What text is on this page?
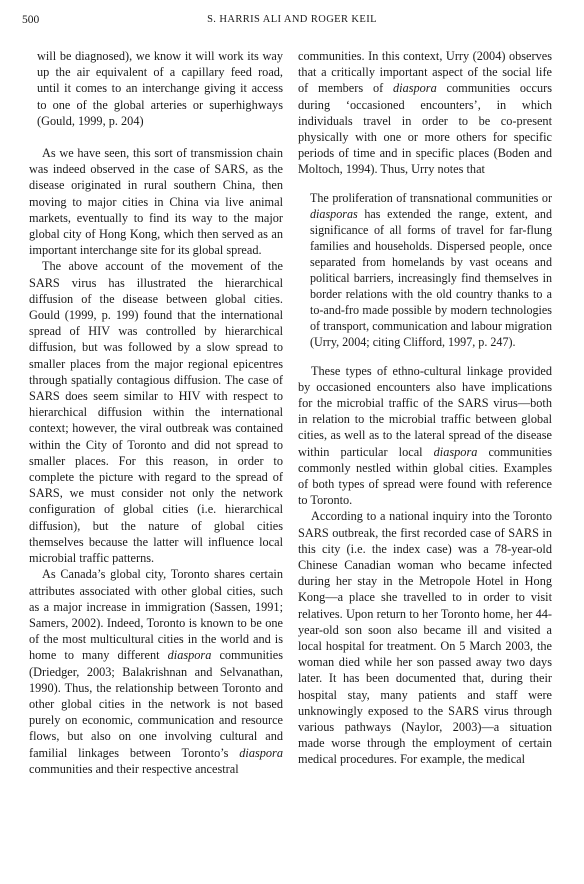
500	S. HARRIS ALI AND ROGER KEIL

will be diagnosed), we know it will work its way up the air equivalent of a capillary feed road, until it comes to an interchange giving it access to one of the global arteries or superhighways (Gould, 1999, p. 204)

As we have seen, this sort of transmission chain was indeed observed in the case of SARS, as the disease originated in rural southern China, then moving to major cities in China via live animal markets, eventually to find its way to the major global city of Hong Kong, which then served as an important interchange site for its global spread.

The above account of the movement of the SARS virus has illustrated the hierarchical diffusion of the disease between global cities. Gould (1999, p. 199) found that the international spread of HIV was controlled by hierarchical diffusion, but was followed by a slow spread to smaller places from the major regional epicentres through spatially contagious diffusion. The case of SARS does seem similar to HIV with respect to hierarchical diffusion within the international context; however, the viral outbreak was contained within the City of Toronto and did not spread to smaller places. For this reason, in order to complete the picture with regard to the spread of SARS, we must consider not only the network configuration of global cities (i.e. hierarchical diffusion), but the nature of global cities themselves because the latter will influence local microbial traffic patterns.

As Canada’s global city, Toronto shares certain attributes associated with other global cities, such as a major increase in immigration (Sassen, 1991; Samers, 2002). Indeed, Toronto is known to be one of the most multicultural cities in the world and is home to many different diaspora communities (Driedger, 2003; Balakrishnan and Selvanathan, 1990). Thus, the relationship between Toronto and other global cities in the network is not based purely on economic, communication and resource flows, but also on one involving cultural and familial linkages between Toronto’s diaspora communities and their respective ancestral

communities. In this context, Urry (2004) observes that a critically important aspect of the social life of members of diaspora communities occurs during ‘occasioned encounters’, in which individuals travel in order to be co-present physically with one or more others for specific periods of time and in specific places (Boden and Moltoch, 1994). Thus, Urry notes that

The proliferation of transnational communities or diasporas has extended the range, extent, and significance of all forms of travel for far-flung families and households. Dispersed people, once separated from homelands by vast oceans and political barriers, increasingly find themselves in border relations with the old country thanks to a to-and-fro made possible by modern technologies of transport, communication and labour migration (Urry, 2004; citing Clifford, 1997, p. 247).

These types of ethno-cultural linkage provided by occasioned encounters also have implications for the microbial traffic of the SARS virus—both in relation to the microbial traffic between global cities, as well as to the lateral spread of the disease within particular local diaspora communities commonly nestled within global cities. Examples of both types of spread were found with reference to Toronto.

According to a national inquiry into the Toronto SARS outbreak, the first recorded case of SARS in this city (i.e. the index case) was a 78-year-old Chinese Canadian woman who became infected during her stay in the Metropole Hotel in Hong Kong—a place she travelled to in order to visit relatives. Upon return to her Toronto home, her 44-year-old son soon also became ill and visited a local hospital for treatment. On 5 March 2003, the woman died while her son passed away two days later. It has been documented that, during their hospital stay, many patients and staff were unknowingly exposed to the SARS virus through various pathways (Naylor, 2003)—a situation made worse through the employment of certain medical procedures. For example, the medical
